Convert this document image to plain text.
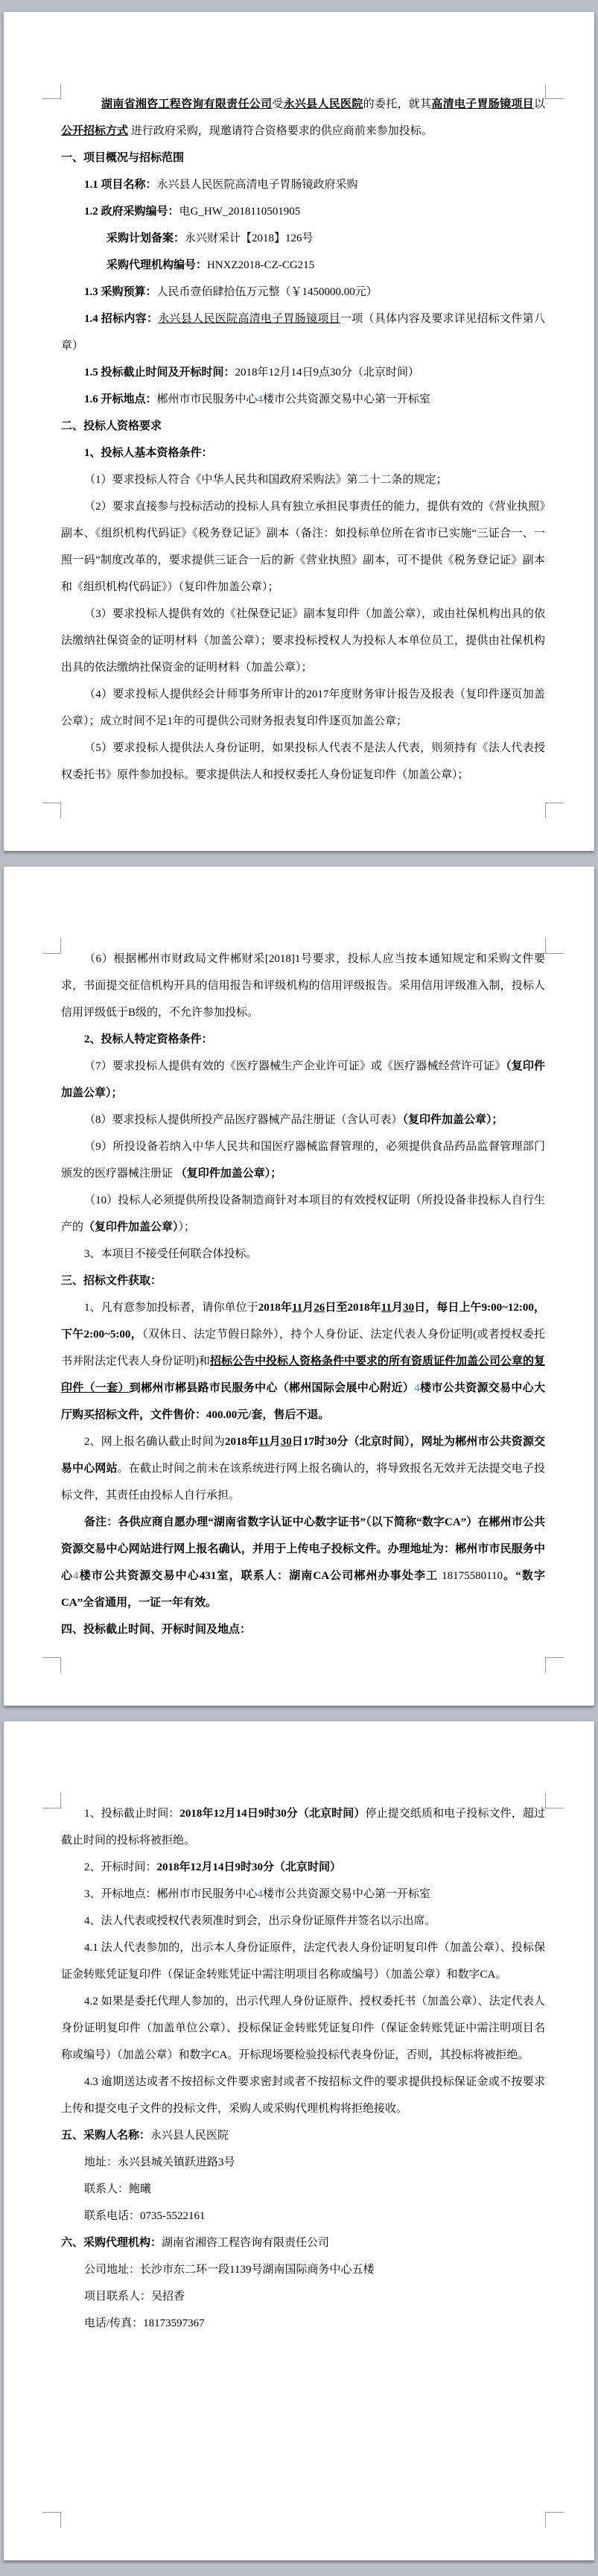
湖南省湘咨工程咨询有限责任公司受永兴县人民医院的委托，就其高清电子胃肠镜项目以公开招标方式 进行政府采购，现邀请符合资格要求的供应商前来参加投标。

一、项目概况与招标范围

1.1 项目名称：永兴县人民医院高清电子胃肠镜政府采购

1.2 政府采购编号：电G_HW_2018110501905

采购计划备案：永兴财采计【2018】126号

采购代理机构编号：HNXZ2018-CZ-CG215

1.3 采购预算：人民币壹佰肆拾伍万元整（￥1450000.00元）

1.4 招标内容：永兴县人民医院高清电子胃肠镜项目一项（具体内容及要求详见招标文件第八章）

1.5 投标截止时间及开标时间：2018年12月14日9点30分（北京时间）

1.6 开标地点：郴州市市民服务中心4楼市公共资源交易中心第一开标室

二、投标人资格要求

1、投标人基本资格条件：

（1）要求投标人符合《中华人民共和国政府采购法》第二十二条的规定；

（2）要求直接参与投标活动的投标人具有独立承担民事责任的能力，提供有效的《营业执照》副本、《组织机构代码证》《税务登记证》副本（备注：如投标单位所在省市已实施“三证合一、一照一码”制度改革的，要求提供三证合一后的新《营业执照》副本，可不提供《税务登记证》副本和《组织机构代码证》）（复印件加盖公章）；

（3）要求投标人提供有效的《社保登记证》副本复印件（加盖公章），或由社保机构出具的依法缴纳社保资金的证明材料（加盖公章）；要求投标授权人为投标人本单位员工，提供由社保机构出具的依法缴纳社保资金的证明材料（加盖公章）；

（4）要求投标人提供经会计师事务所审计的2017年度财务审计报告及报表（复印件逐页加盖公章）；成立时间不足1年的可提供公司财务报表复印件逐页加盖公章；

（5）要求投标人提供法人身份证明，如果投标人代表不是法人代表，则须持有《法人代表授权委托书》原件参加投标。要求提供法人和授权委托人身份证复印件（加盖公章）；

（6）根据郴州市财政局文件郴财采[2018]1号要求，投标人应当按本通知规定和采购文件要求，书面提交征信机构开具的信用报告和评级机构的信用评级报告。采用信用评级准入制，投标人信用评级低于B级的，不允许参加投标。

2、投标人特定资格条件：

（7）要求投标人提供有效的《医疗器械生产企业许可证》或《医疗器械经营许可证》（复印件加盖公章）；

（8）要求投标人提供所投产品医疗器械产品注册证（含认可表）（复印件加盖公章）；

（9）所投设备若纳入中华人民共和国医疗器械监督管理的，必须提供食品药品监督管理部门颁发的医疗器械注册证 （复印件加盖公章）；

（10）投标人必须提供所投设备制造商针对本项目的有效授权证明（所投设备非投标人自行生产的（复印件加盖公章））；

3、本项目不接受任何联合体投标。

三、招标文件获取：

1、凡有意参加投标者，请你单位于2018年11月26日至2018年11月30日，每日上午9:00~12:00，下午2:00~5:00，（双休日、法定节假日除外），持个人身份证、法定代表人身份证明(或者授权委托书并附法定代表人身份证明)和招标公告中投标人资格条件中要求的所有资质证件加盖公司公章的复印件（一套）到郴州市郴县路市民服务中心（郴州国际会展中心附近）4楼市公共资源交易中心大厅购买招标文件，文件售价：400.00元/套，售后不退。

2、网上报名确认截止时间为2018年11月30日17时30分（北京时间），网址为郴州市公共资源交易中心网站。在截止时间之前未在该系统进行网上报名确认的，将导致报名无效并无法提交电子投标文件，其责任由投标人自行承担。

备注：各供应商自愿办理“湖南省数字认证中心数字证书”（以下简称“数字CA”）在郴州市公共资源交易中心网站进行网上报名确认，并用于上传电子投标文件。办理地址为：郴州市市民服务中心4楼市公共资源交易中心431室，联系人：湖南CA公司郴州办事处李工 18175580110。“数字CA”全省通用，一证一年有效。

四、投标截止时间、开标时间及地点：

1、投标截止时间：2018年12月14日9时30分（北京时间）停止提交纸质和电子投标文件，超过截止时间的投标将被拒绝。

2、开标时间：2018年12月14日9时30分（北京时间）

3、开标地点：郴州市市民服务中心4楼市公共资源交易中心第一开标室

4、法人代表或授权代表须准时到会，出示身份证原件并签名以示出席。

4.1 法人代表参加的，出示本人身份证原件，法定代表人身份证明复印件（加盖公章）、投标保证金转账凭证复印件（保证金转账凭证中需注明项目名称或编号）（加盖公章）和数字CA。

4.2 如果是委托代理人参加的，出示代理人身份证原件、授权委托书（加盖公章）、法定代表人身份证明复印件（加盖单位公章）、投标保证金转账凭证复印件（保证金转账凭证中需注明项目名称或编号）（加盖公章）和数字CA。开标现场要检验投标代表身份证，否则，其投标将被拒绝。

4.3 逾期送达或者不按招标文件要求密封或者不按招标文件的要求提供投标保证金或不按要求上传和提交电子文件的投标文件，采购人或采购代理机构将拒绝接收。

五、采购人名称：永兴县人民医院

地址：永兴县城关镇跃进路3号

联系人：鲍曦

联系电话：0735-5522161

六、采购代理机构：湖南省湘咨工程咨询有限责任公司

公司地址：长沙市东二环一段1139号湖南国际商务中心五楼

项目联系人：吴招香

电话/传真：18173597367
